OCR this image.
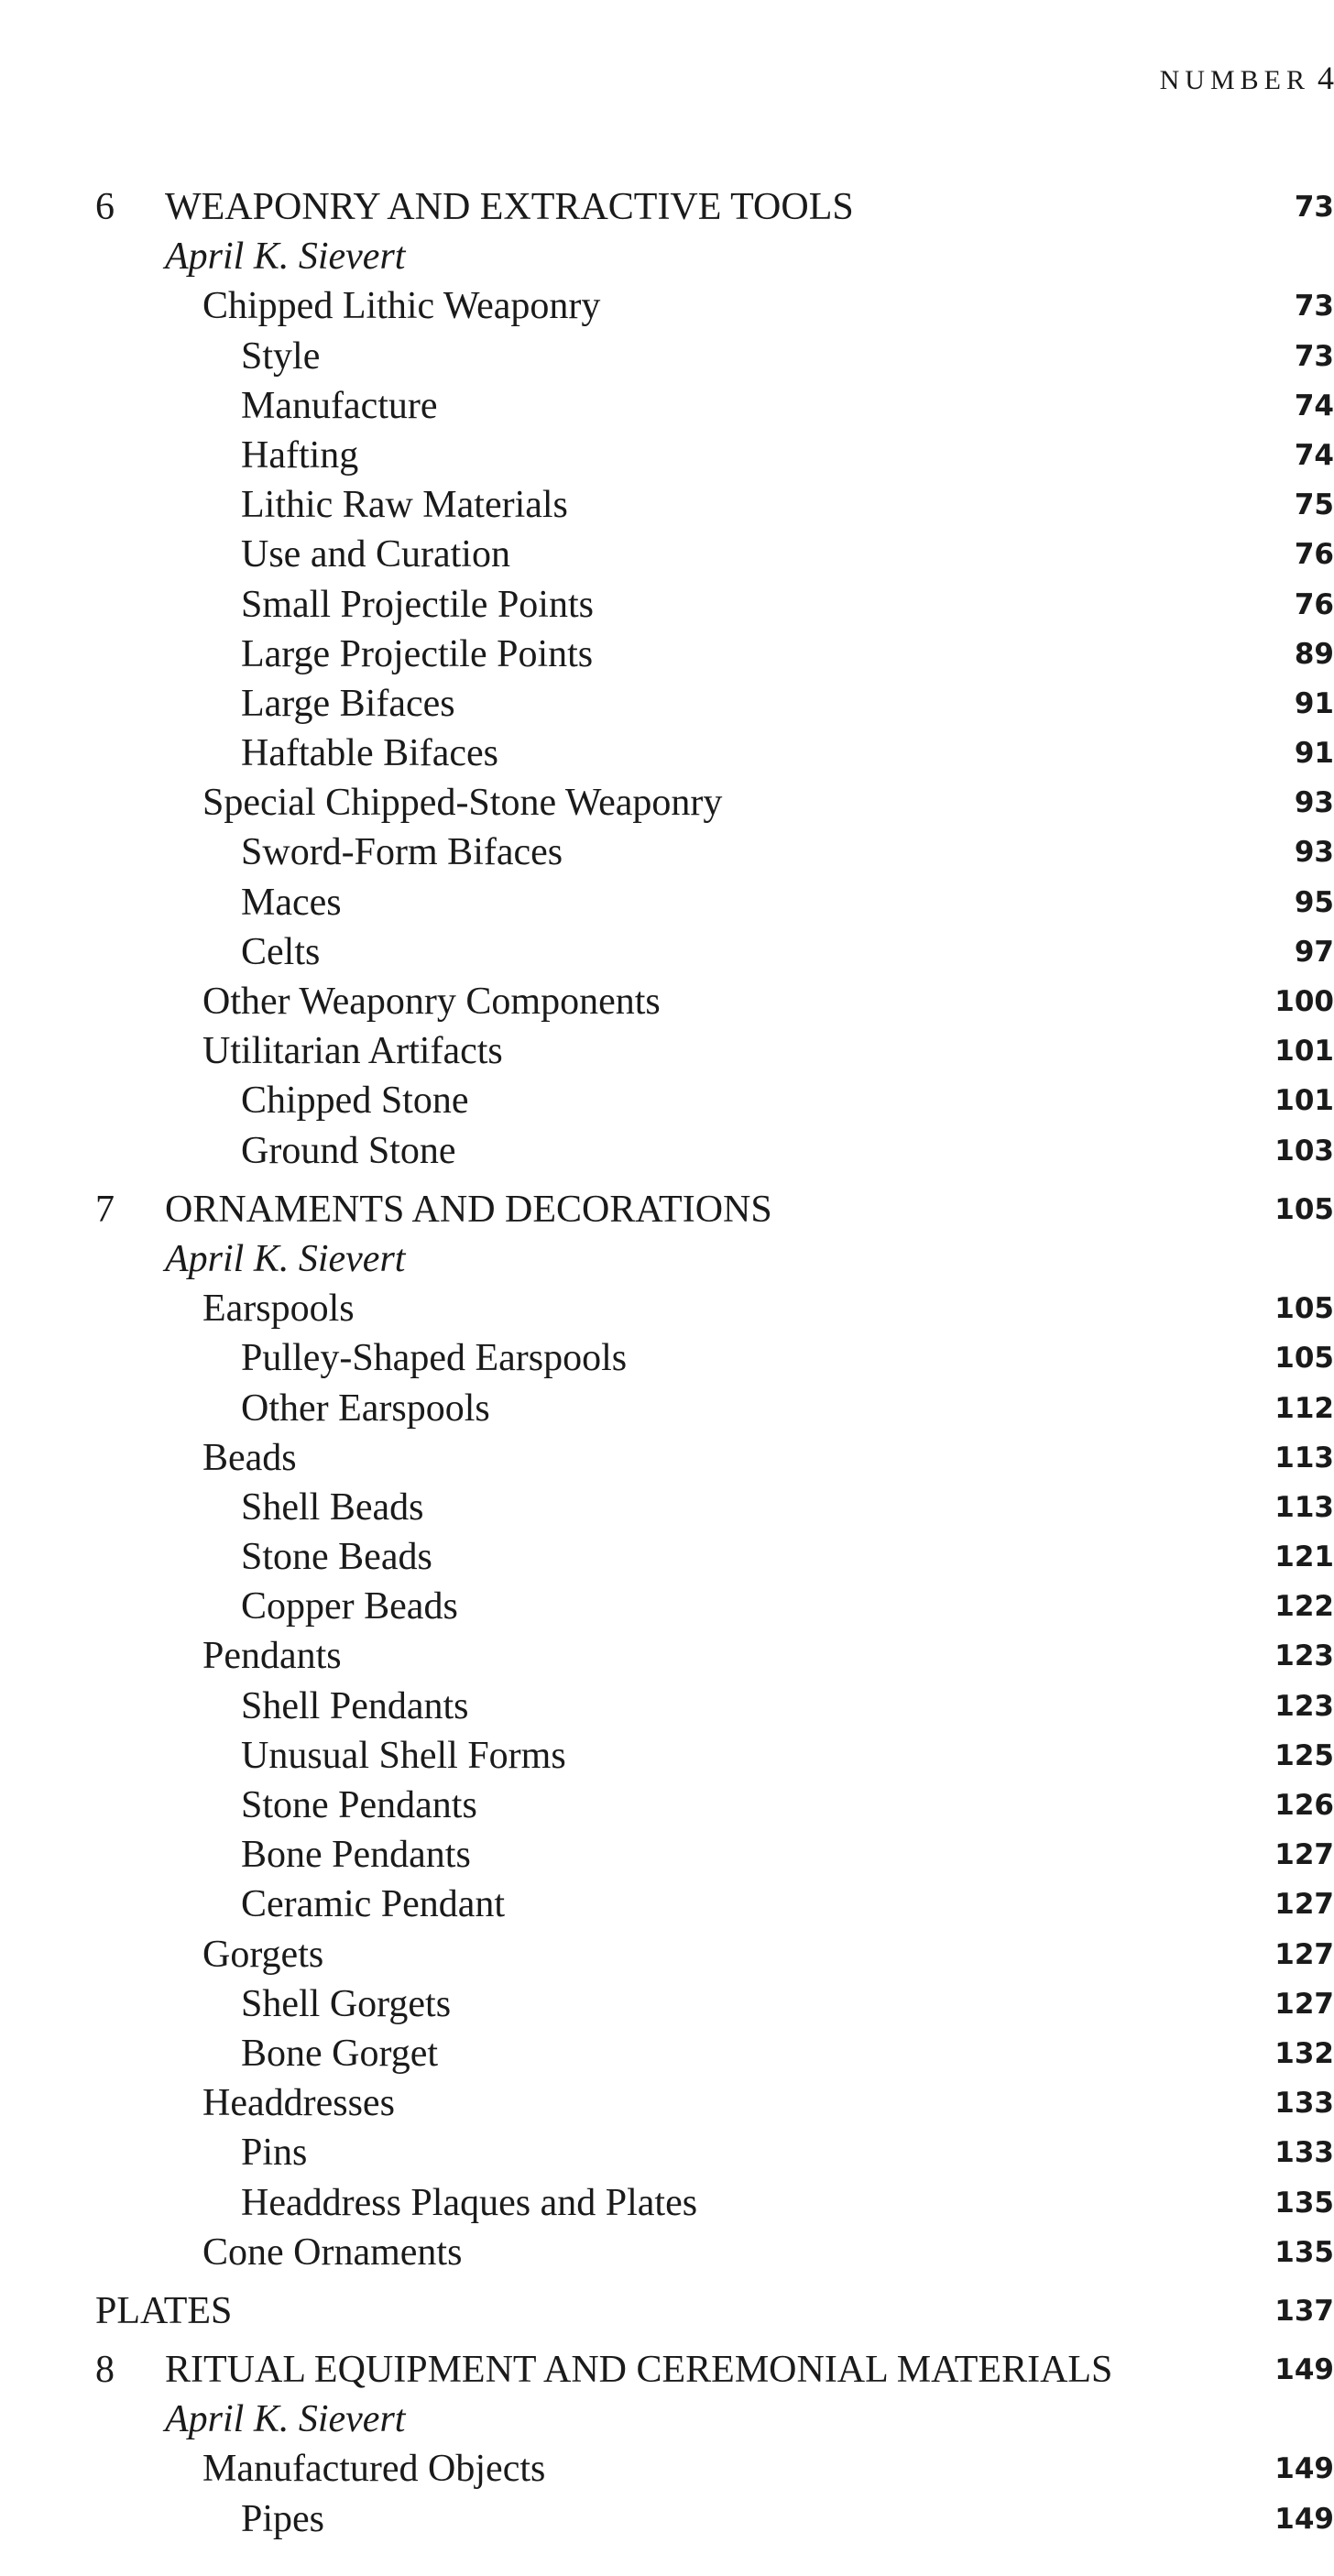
NUMBER 4
6 WEAPONRY AND EXTRACTIVE TOOLS	73
April K. Sievert
Chipped Lithic Weaponry	73
Style	73
Manufacture	74
Hafting	74
Lithic Raw Materials	75
Use and Curation	76
Small Projectile Points	76
Large Projectile Points	89
Large Bifaces	91
Haftable Bifaces	91
Special Chipped-Stone Weaponry	93
Sword-Form Bifaces	93
Maces	95
Celts	97
Other Weaponry Components	100
Utilitarian Artifacts	101
Chipped Stone	101
Ground Stone	103
7 ORNAMENTS AND DECORATIONS	105
April K. Sievert
Earspools	105
Pulley-Shaped Earspools	105
Other Earspools	112
Beads	113
Shell Beads	113
Stone Beads	121
Copper Beads	122
Pendants	123
Shell Pendants	123
Unusual Shell Forms	125
Stone Pendants	126
Bone Pendants	127
Ceramic Pendant	127
Gorgets	127
Shell Gorgets	127
Bone Gorget	132
Headdresses	133
Pins	133
Headdress Plaques and Plates	135
Cone Ornaments	135
PLATES	137
8 RITUAL EQUIPMENT AND CEREMONIAL MATERIALS	149
April K. Sievert
Manufactured Objects	149
Pipes	149
